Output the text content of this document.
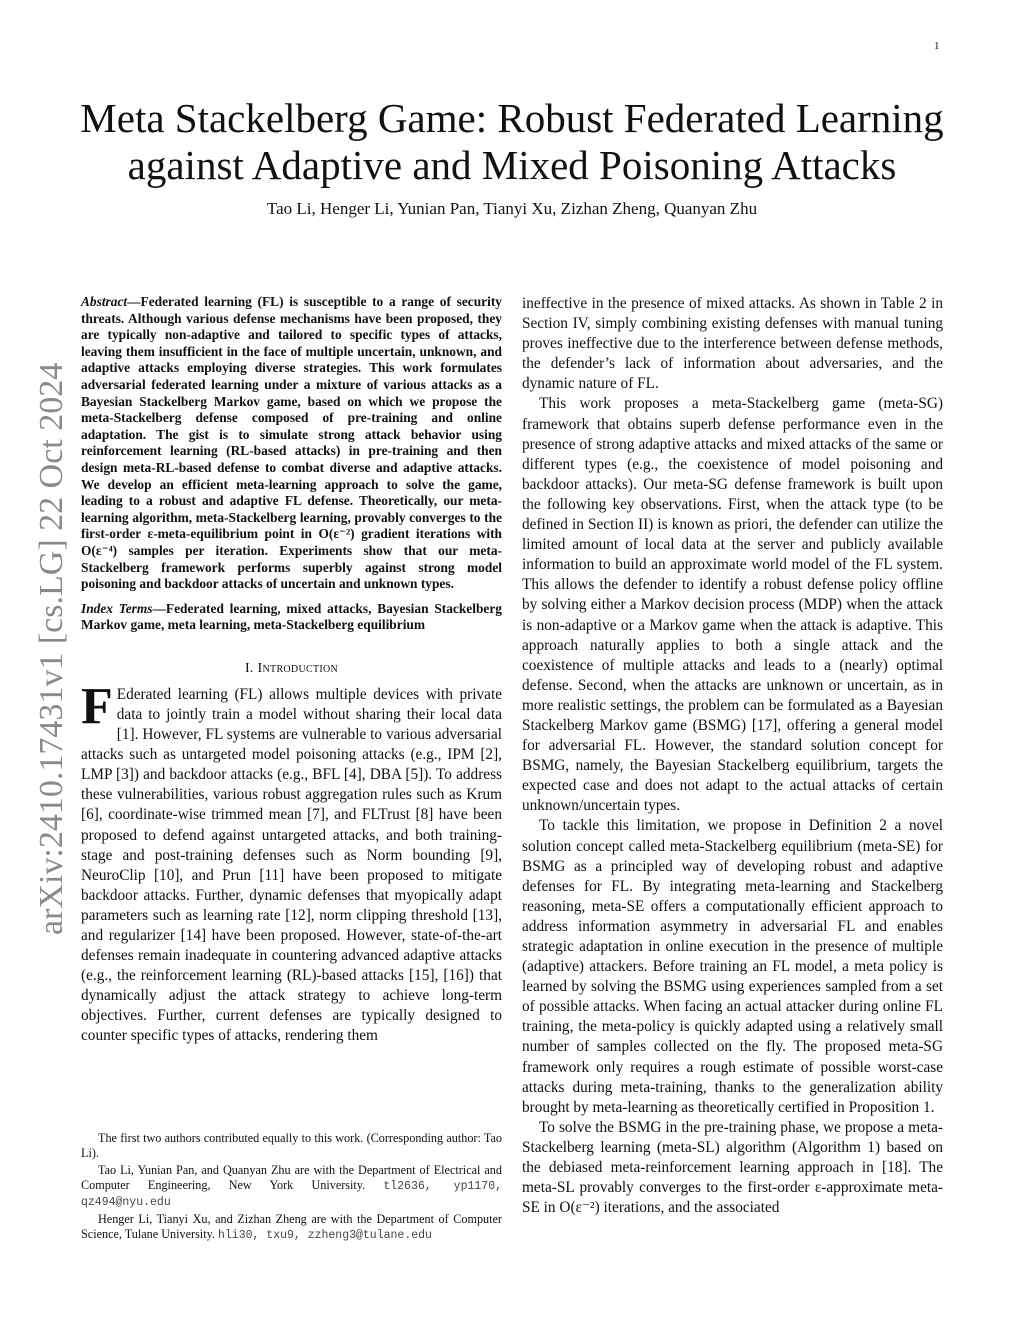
1
arXiv:2410.17431v1 [cs.LG] 22 Oct 2024
Meta Stackelberg Game: Robust Federated Learning against Adaptive and Mixed Poisoning Attacks
Tao Li, Henger Li, Yunian Pan, Tianyi Xu, Zizhan Zheng, Quanyan Zhu

Abstract—Federated learning (FL) is susceptible to a range of security threats. Although various defense mechanisms have been proposed, they are typically non-adaptive and tailored to specific types of attacks, leaving them insufficient in the face of multiple uncertain, unknown, and adaptive attacks employing diverse strategies. This work formulates adversarial federated learning under a mixture of various attacks as a Bayesian Stackelberg Markov game, based on which we propose the meta-Stackelberg defense composed of pre-training and online adaptation. The gist is to simulate strong attack behavior using reinforcement learning (RL-based attacks) in pre-training and then design meta-RL-based defense to combat diverse and adaptive attacks. We develop an efficient meta-learning approach to solve the game, leading to a robust and adaptive FL defense. Theoretically, our meta-learning algorithm, meta-Stackelberg learning, provably converges to the first-order ε-meta-equilibrium point in O(ε⁻²) gradient iterations with O(ε⁻⁴) samples per iteration. Experiments show that our meta-Stackelberg framework performs superbly against strong model poisoning and backdoor attacks of uncertain and unknown types.

Index Terms—Federated learning, mixed attacks, Bayesian Stackelberg Markov game, meta learning, meta-Stackelberg equilibrium

I. Introduction

F Ederated learning (FL) allows multiple devices with private data to jointly train a model without sharing their local data [1]. However, FL systems are vulnerable to various adversarial attacks such as untargeted model poisoning attacks (e.g., IPM [2], LMP [3]) and backdoor attacks (e.g., BFL [4], DBA [5]). To address these vulnerabilities, various robust aggregation rules such as Krum [6], coordinate-wise trimmed mean [7], and FLTrust [8] have been proposed to defend against untargeted attacks, and both training-stage and post-training defenses such as Norm bounding [9], NeuroClip [10], and Prun [11] have been proposed to mitigate backdoor attacks. Further, dynamic defenses that myopically adapt parameters such as learning rate [12], norm clipping threshold [13], and regularizer [14] have been proposed. However, state-of-the-art defenses remain inadequate in countering advanced adaptive attacks (e.g., the reinforcement learning (RL)-based attacks [15], [16]) that dynamically adjust the attack strategy to achieve long-term objectives. Further, current defenses are typically designed to counter specific types of attacks, rendering them

ineffective in the presence of mixed attacks. As shown in Table 2 in Section IV, simply combining existing defenses with manual tuning proves ineffective due to the interference between defense methods, the defender’s lack of information about adversaries, and the dynamic nature of FL.

This work proposes a meta-Stackelberg game (meta-SG) framework that obtains superb defense performance even in the presence of strong adaptive attacks and mixed attacks of the same or different types (e.g., the coexistence of model poisoning and backdoor attacks). Our meta-SG defense framework is built upon the following key observations. First, when the attack type (to be defined in Section II) is known as priori, the defender can utilize the limited amount of local data at the server and publicly available information to build an approximate world model of the FL system. This allows the defender to identify a robust defense policy offline by solving either a Markov decision process (MDP) when the attack is non-adaptive or a Markov game when the attack is adaptive. This approach naturally applies to both a single attack and the coexistence of multiple attacks and leads to a (nearly) optimal defense. Second, when the attacks are unknown or uncertain, as in more realistic settings, the problem can be formulated as a Bayesian Stackelberg Markov game (BSMG) [17], offering a general model for adversarial FL. However, the standard solution concept for BSMG, namely, the Bayesian Stackelberg equilibrium, targets the expected case and does not adapt to the actual attacks of certain unknown/uncertain types.

To tackle this limitation, we propose in Definition 2 a novel solution concept called meta-Stackelberg equilibrium (meta-SE) for BSMG as a principled way of developing robust and adaptive defenses for FL. By integrating meta-learning and Stackelberg reasoning, meta-SE offers a computationally efficient approach to address information asymmetry in adversarial FL and enables strategic adaptation in online execution in the presence of multiple (adaptive) attackers. Before training an FL model, a meta policy is learned by solving the BSMG using experiences sampled from a set of possible attacks. When facing an actual attacker during online FL training, the meta-policy is quickly adapted using a relatively small number of samples collected on the fly. The proposed meta-SG framework only requires a rough estimate of possible worst-case attacks during meta-training, thanks to the generalization ability brought by meta-learning as theoretically certified in Proposition 1.

To solve the BSMG in the pre-training phase, we propose a meta-Stackelberg learning (meta-SL) algorithm (Algorithm 1) based on the debiased meta-reinforcement learning approach in [18]. The meta-SL provably converges to the first-order ε-approximate meta-SE in O(ε⁻²) iterations, and the associated

The first two authors contributed equally to this work. (Corresponding author: Tao Li).

Tao Li, Yunian Pan, and Quanyan Zhu are with the Department of Electrical and Computer Engineering, New York University. tl2636, yp1170, qz494@nyu.edu

Henger Li, Tianyi Xu, and Zizhan Zheng are with the Department of Computer Science, Tulane University. hli30, txu9, zzheng3@tulane.edu
